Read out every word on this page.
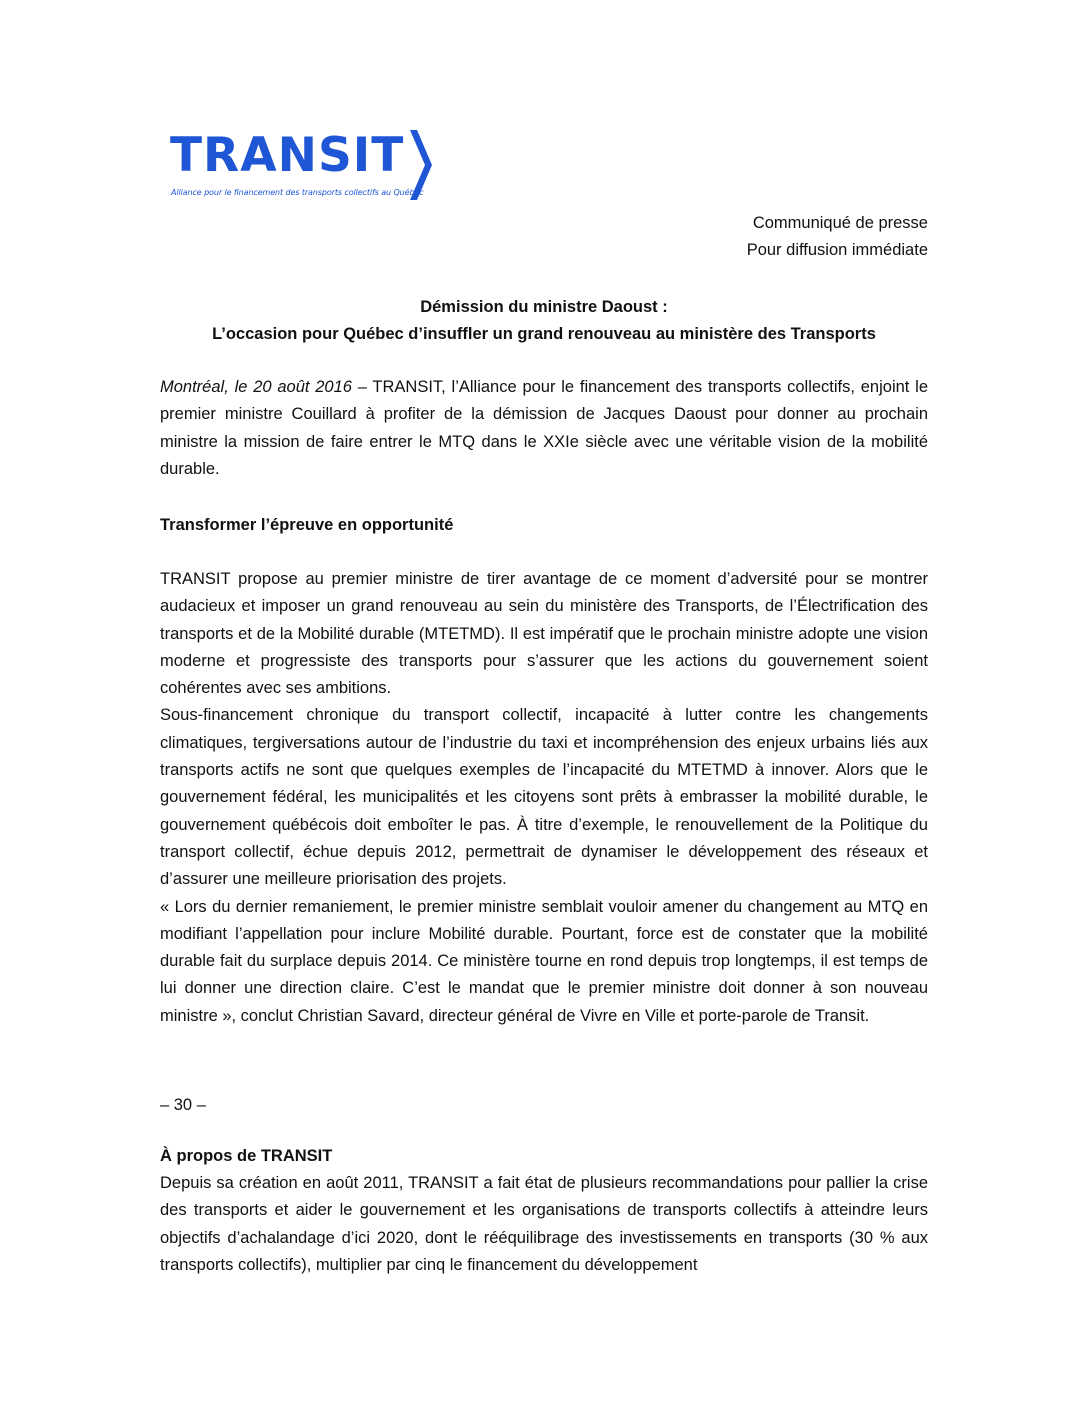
TRANSIT
Alliance pour le financement des transports collectifs au Québec
Communiqué de presse
Pour diffusion immédiate
Démission du ministre Daoust :
L’occasion pour Québec d’insuffler un grand renouveau au ministère des Transports

Montréal, le 20 août 2016 – TRANSIT, l’Alliance pour le financement des transports collectifs, enjoint le premier ministre Couillard à profiter de la démission de Jacques Daoust pour donner au prochain ministre la mission de faire entrer le MTQ dans le XXIe siècle avec une véritable vision de la mobilité durable.

Transformer l’épreuve en opportunité

TRANSIT propose au premier ministre de tirer avantage de ce moment d’adversité pour se montrer audacieux et imposer un grand renouveau au sein du ministère des Transports, de l’Électrification des transports et de la Mobilité durable (MTETMD). Il est impératif que le prochain ministre adopte une vision moderne et progressiste des transports pour s’assurer que les actions du gouvernement soient cohérentes avec ses ambitions.

Sous-financement chronique du transport collectif, incapacité à lutter contre les changements climatiques, tergiversations autour de l’industrie du taxi et incompréhension des enjeux urbains liés aux transports actifs ne sont que quelques exemples de l’incapacité du MTETMD à innover. Alors que le gouvernement fédéral, les municipalités et les citoyens sont prêts à embrasser la mobilité durable, le gouvernement québécois doit emboîter le pas. À titre d’exemple, le renouvellement de la Politique du transport collectif, échue depuis 2012, permettrait de dynamiser le développement des réseaux et d’assurer une meilleure priorisation des projets.

« Lors du dernier remaniement, le premier ministre semblait vouloir amener du changement au MTQ en modifiant l’appellation pour inclure Mobilité durable. Pourtant, force est de constater que la mobilité durable fait du surplace depuis 2014. Ce ministère tourne en rond depuis trop longtemps, il est temps de lui donner une direction claire. C’est le mandat que le premier ministre doit donner à son nouveau ministre », conclut Christian Savard, directeur général de Vivre en Ville et porte-parole de Transit.

– 30 –
À propos de TRANSIT

Depuis sa création en août 2011, TRANSIT a fait état de plusieurs recommandations pour pallier la crise des transports et aider le gouvernement et les organisations de transports collectifs à atteindre leurs objectifs d’achalandage d’ici 2020, dont le rééquilibrage des investissements en transports (30 % aux transports collectifs), multiplier par cinq le financement du développement
